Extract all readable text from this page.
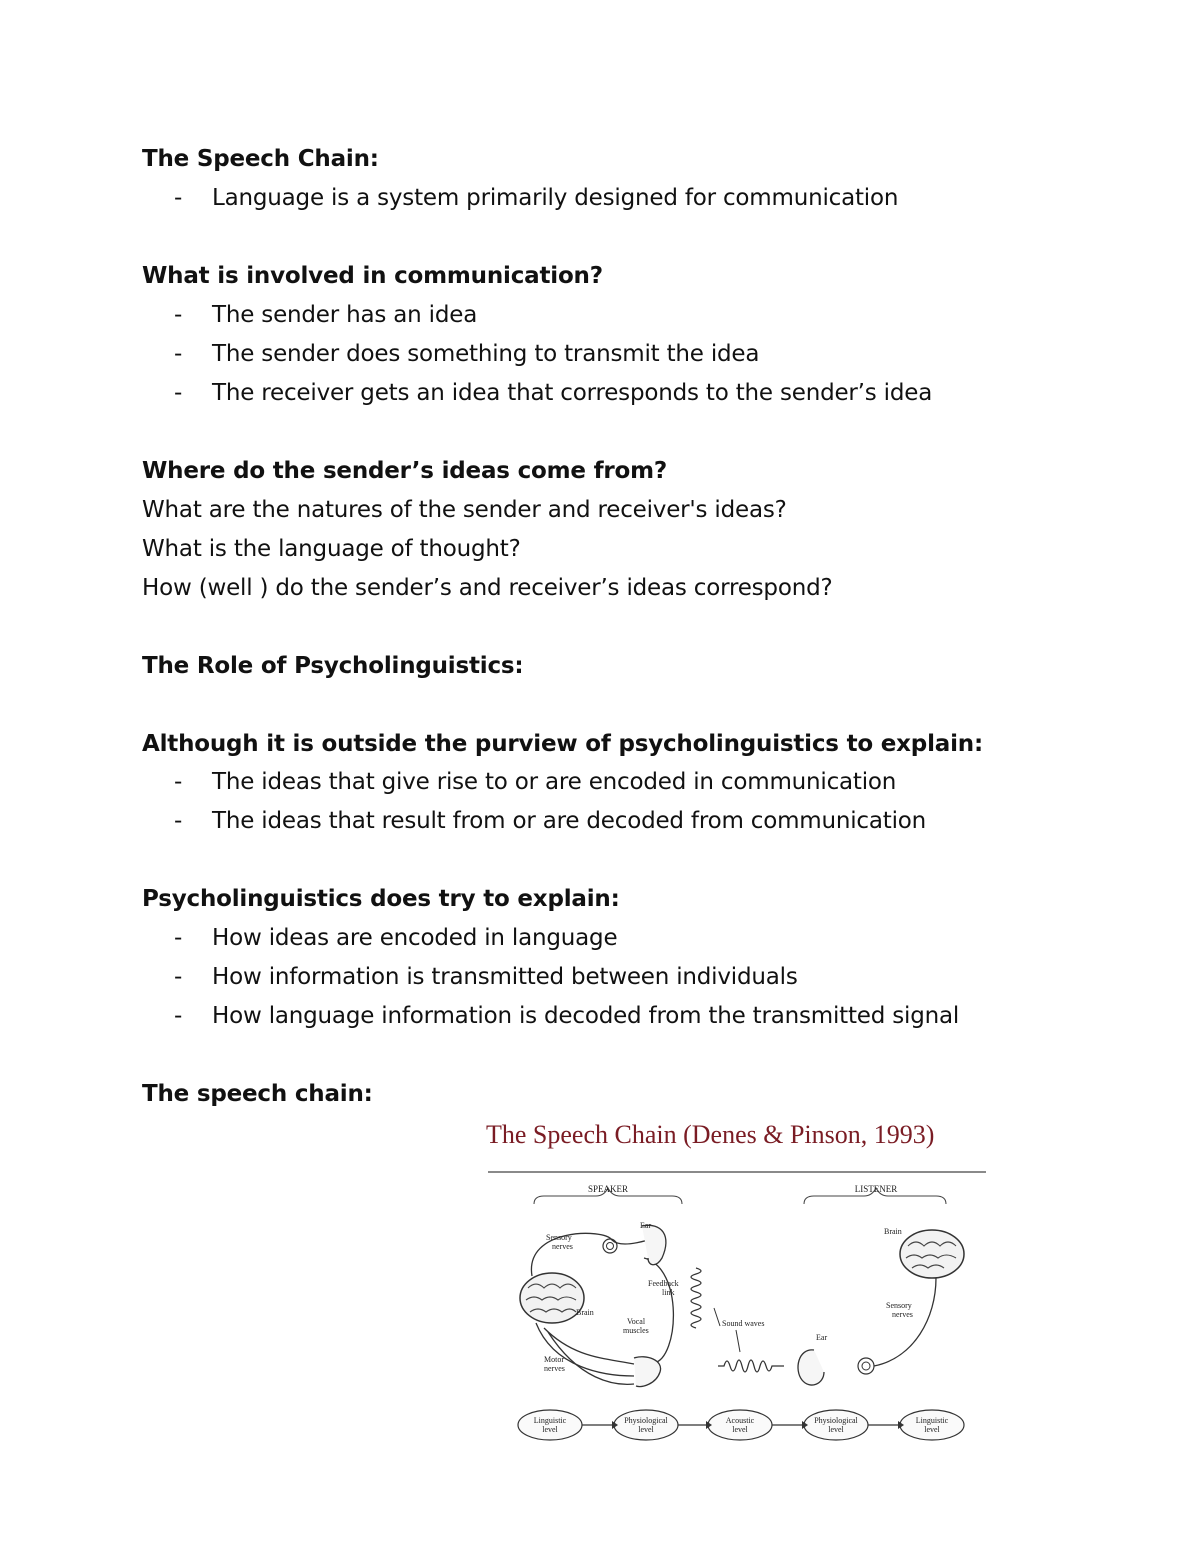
The Speech Chain:
- Language is a system primarily designed for communication
What is involved in communication?
- The sender has an idea
- The sender does something to transmit the idea
- The receiver gets an idea that corresponds to the sender’s idea
Where do the sender’s ideas come from?
What are the natures of the sender and receiver's ideas?
What is the language of thought?
How (well ) do the sender’s and receiver’s ideas correspond?
The Role of Psycholinguistics:
Although it is outside the purview of psycholinguistics to explain:
- The ideas that give rise to or are encoded in communication
- The ideas that result from or are decoded from communication
Psycholinguistics does try to explain:
- How ideas are encoded in language
- How information is transmitted between individuals
- How language information is decoded from the transmitted signal
The speech chain:
SPEAKER	LISTENER
Brain
Ear
Sensory
nerves
Feedback
link
Vocal
muscles
Motor
nerves
Sound waves
Ear
Brain
Sensory
nerves
Linguistic
level
Physiological
level
Acoustic
level
Physiological
level
Linguistic
level
The Speech Chain (Denes & Pinson, 1993)
